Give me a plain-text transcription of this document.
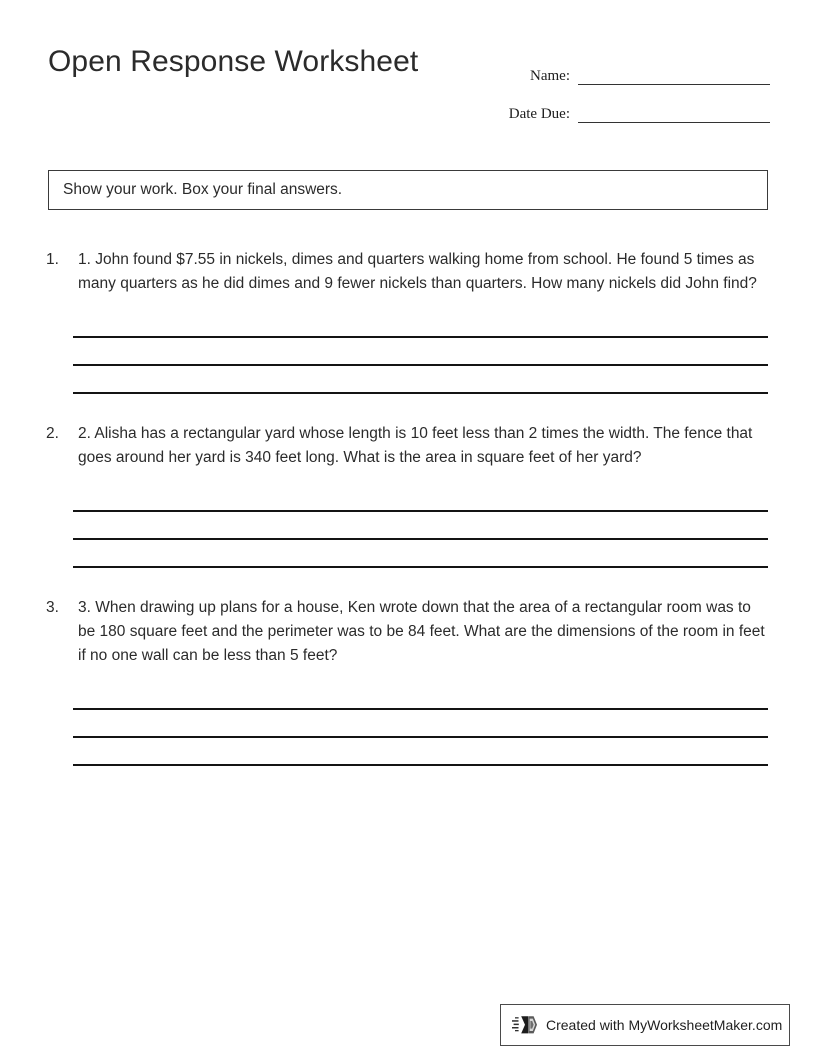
Open Response Worksheet	Name:
Date Due:
Show your work. Box your final answers.
1.	1. John found $7.55 in nickels, dimes and quarters walking home from school. He found 5 times as many quarters as he did dimes and 9 fewer nickels than quarters. How many nickels did John find?
2.	2. Alisha has a rectangular yard whose length is 10 feet less than 2 times the width. The fence that goes around her yard is 340 feet long. What is the area in square feet of her yard?
3.	3. When drawing up plans for a house, Ken wrote down that the area of a rectangular room was to be 180 square feet and the perimeter was to be 84 feet. What are the dimensions of the room in feet if no one wall can be less than 5 feet?
Created with MyWorksheetMaker.com
